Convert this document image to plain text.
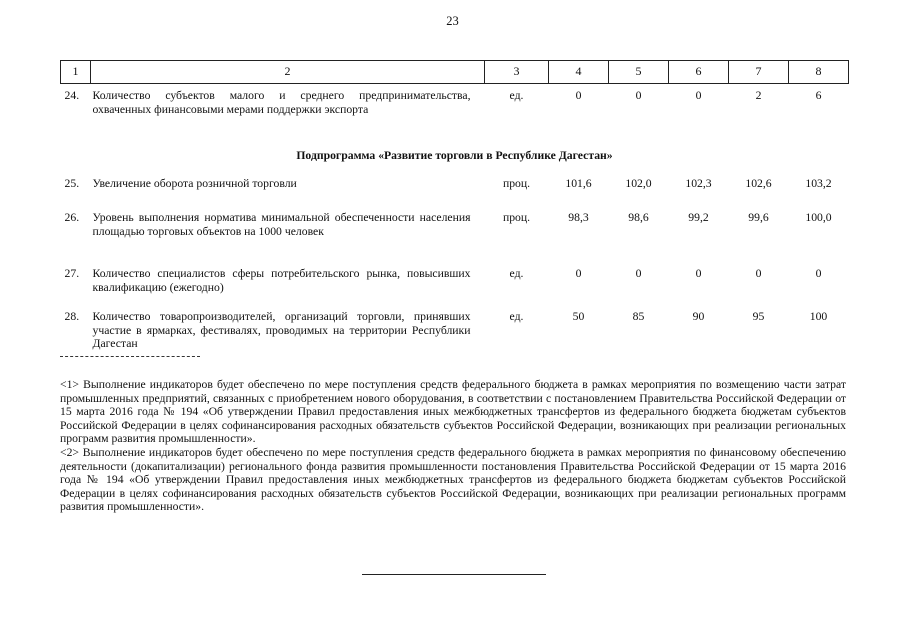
23
1	2	3	4	5	6	7	8
24.	Количество субъектов малого и среднего предпринимательства, охваченных финансовыми мерами поддержки экспорта	ед.	0	0	0	2	6
Подпрограмма «Развитие торговли в Республике Дагестан»							
25.	Увеличение оборота розничной торговли	проц.	101,6	102,0	102,3	102,6	103,2
26.	Уровень выполнения норматива минимальной обеспеченности населения площадью торговых объектов на 1000 человек	проц.	98,3	98,6	99,2	99,6	100,0
27.	Количество специалистов сферы потребительского рынка, повысивших квалификацию (ежегодно)	ед.	0	0	0	0	0
28.	Количество товаропроизводителей, организаций торговли, принявших участие в ярмарках, фестивалях, проводимых на территории Республики Дагестан	ед.	50	85	90	95	100

<1> Выполнение индикаторов будет обеспечено по мере поступления средств федерального бюджета в рамках мероприятия по возмещению части затрат промышленных предприятий, связанных с приобретением нового оборудования, в соответствии с постановлением Правительства Российской Федерации от 15 марта 2016 года № 194 «Об утверждении Правил предоставления иных межбюджетных трансфертов из федерального бюджета бюджетам субъектов Российской Федерации в целях софинансирования расходных обязательств субъектов Российской Федерации, возникающих при реализации региональных программ развития промышленности».

<2> Выполнение индикаторов будет обеспечено по мере поступления средств федерального бюджета в рамках мероприятия по финансовому обеспечению деятельности (докапитализации) регионального фонда развития промышленности постановления Правительства Российской Федерации от 15 марта 2016 года № 194 «Об утверждении Правил предоставления иных межбюджетных трансфертов из федерального бюджета бюджетам субъектов Российской Федерации в целях софинансирования расходных обязательств субъектов Российской Федерации, возникающих при реализации региональных программ развития промышленности».
